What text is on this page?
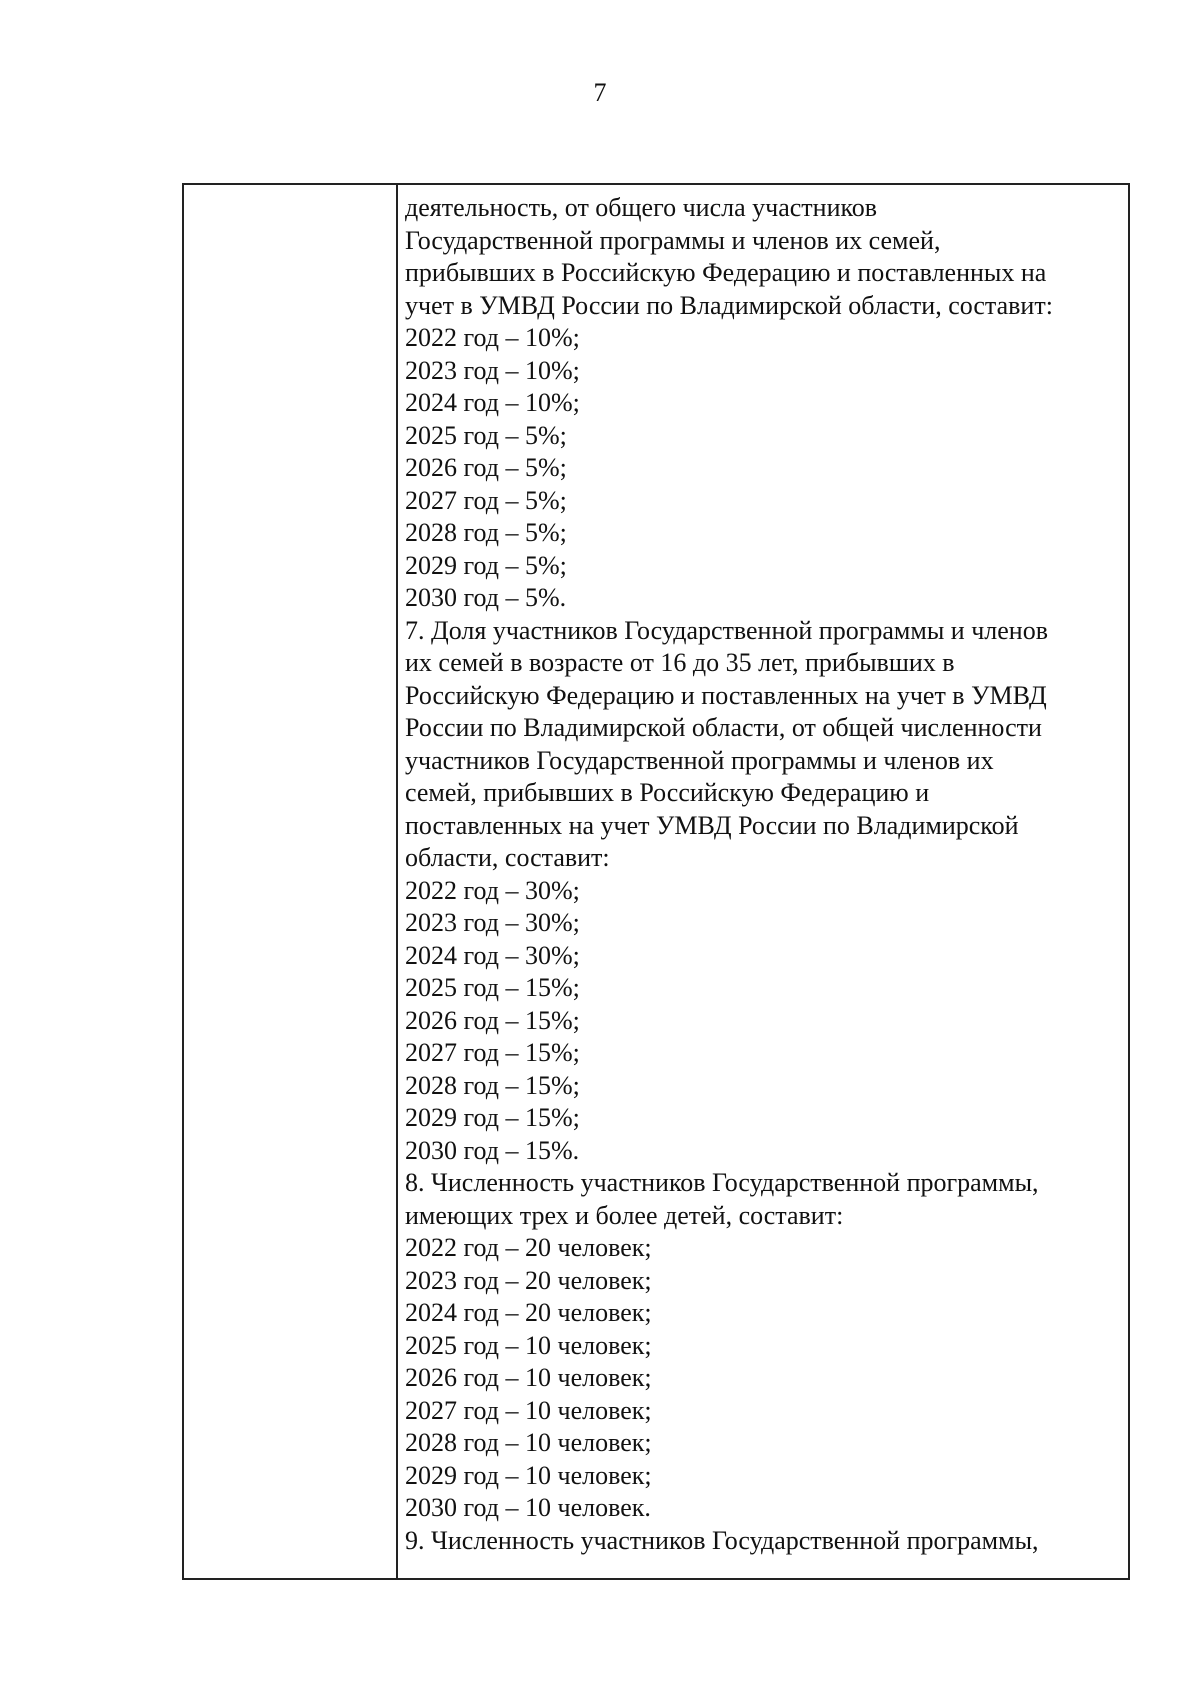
7
деятельность, от общего числа участников
Государственной программы и членов их семей,
прибывших в Российскую Федерацию и поставленных на
учет в УМВД России по Владимирской области, составит:
2022 год – 10%;
2023 год – 10%;
2024 год – 10%;
2025 год – 5%;
2026 год – 5%;
2027 год – 5%;
2028 год – 5%;
2029 год – 5%;
2030 год – 5%.
7. Доля участников Государственной программы и членов
их семей в возрасте от 16 до 35 лет, прибывших в
Российскую Федерацию и поставленных на учет в УМВД
России по Владимирской области, от общей численности
участников Государственной программы и членов их
семей, прибывших в Российскую Федерацию и
поставленных на учет УМВД России по Владимирской
области, составит:
2022 год – 30%;
2023 год – 30%;
2024 год – 30%;
2025 год – 15%;
2026 год – 15%;
2027 год – 15%;
2028 год – 15%;
2029 год – 15%;
2030 год – 15%.
8. Численность участников Государственной программы,
имеющих трех и более детей, составит:
2022 год – 20 человек;
2023 год – 20 человек;
2024 год – 20 человек;
2025 год – 10 человек;
2026 год – 10 человек;
2027 год – 10 человек;
2028 год – 10 человек;
2029 год – 10 человек;
2030 год – 10 человек.
9. Численность участников Государственной программы,
